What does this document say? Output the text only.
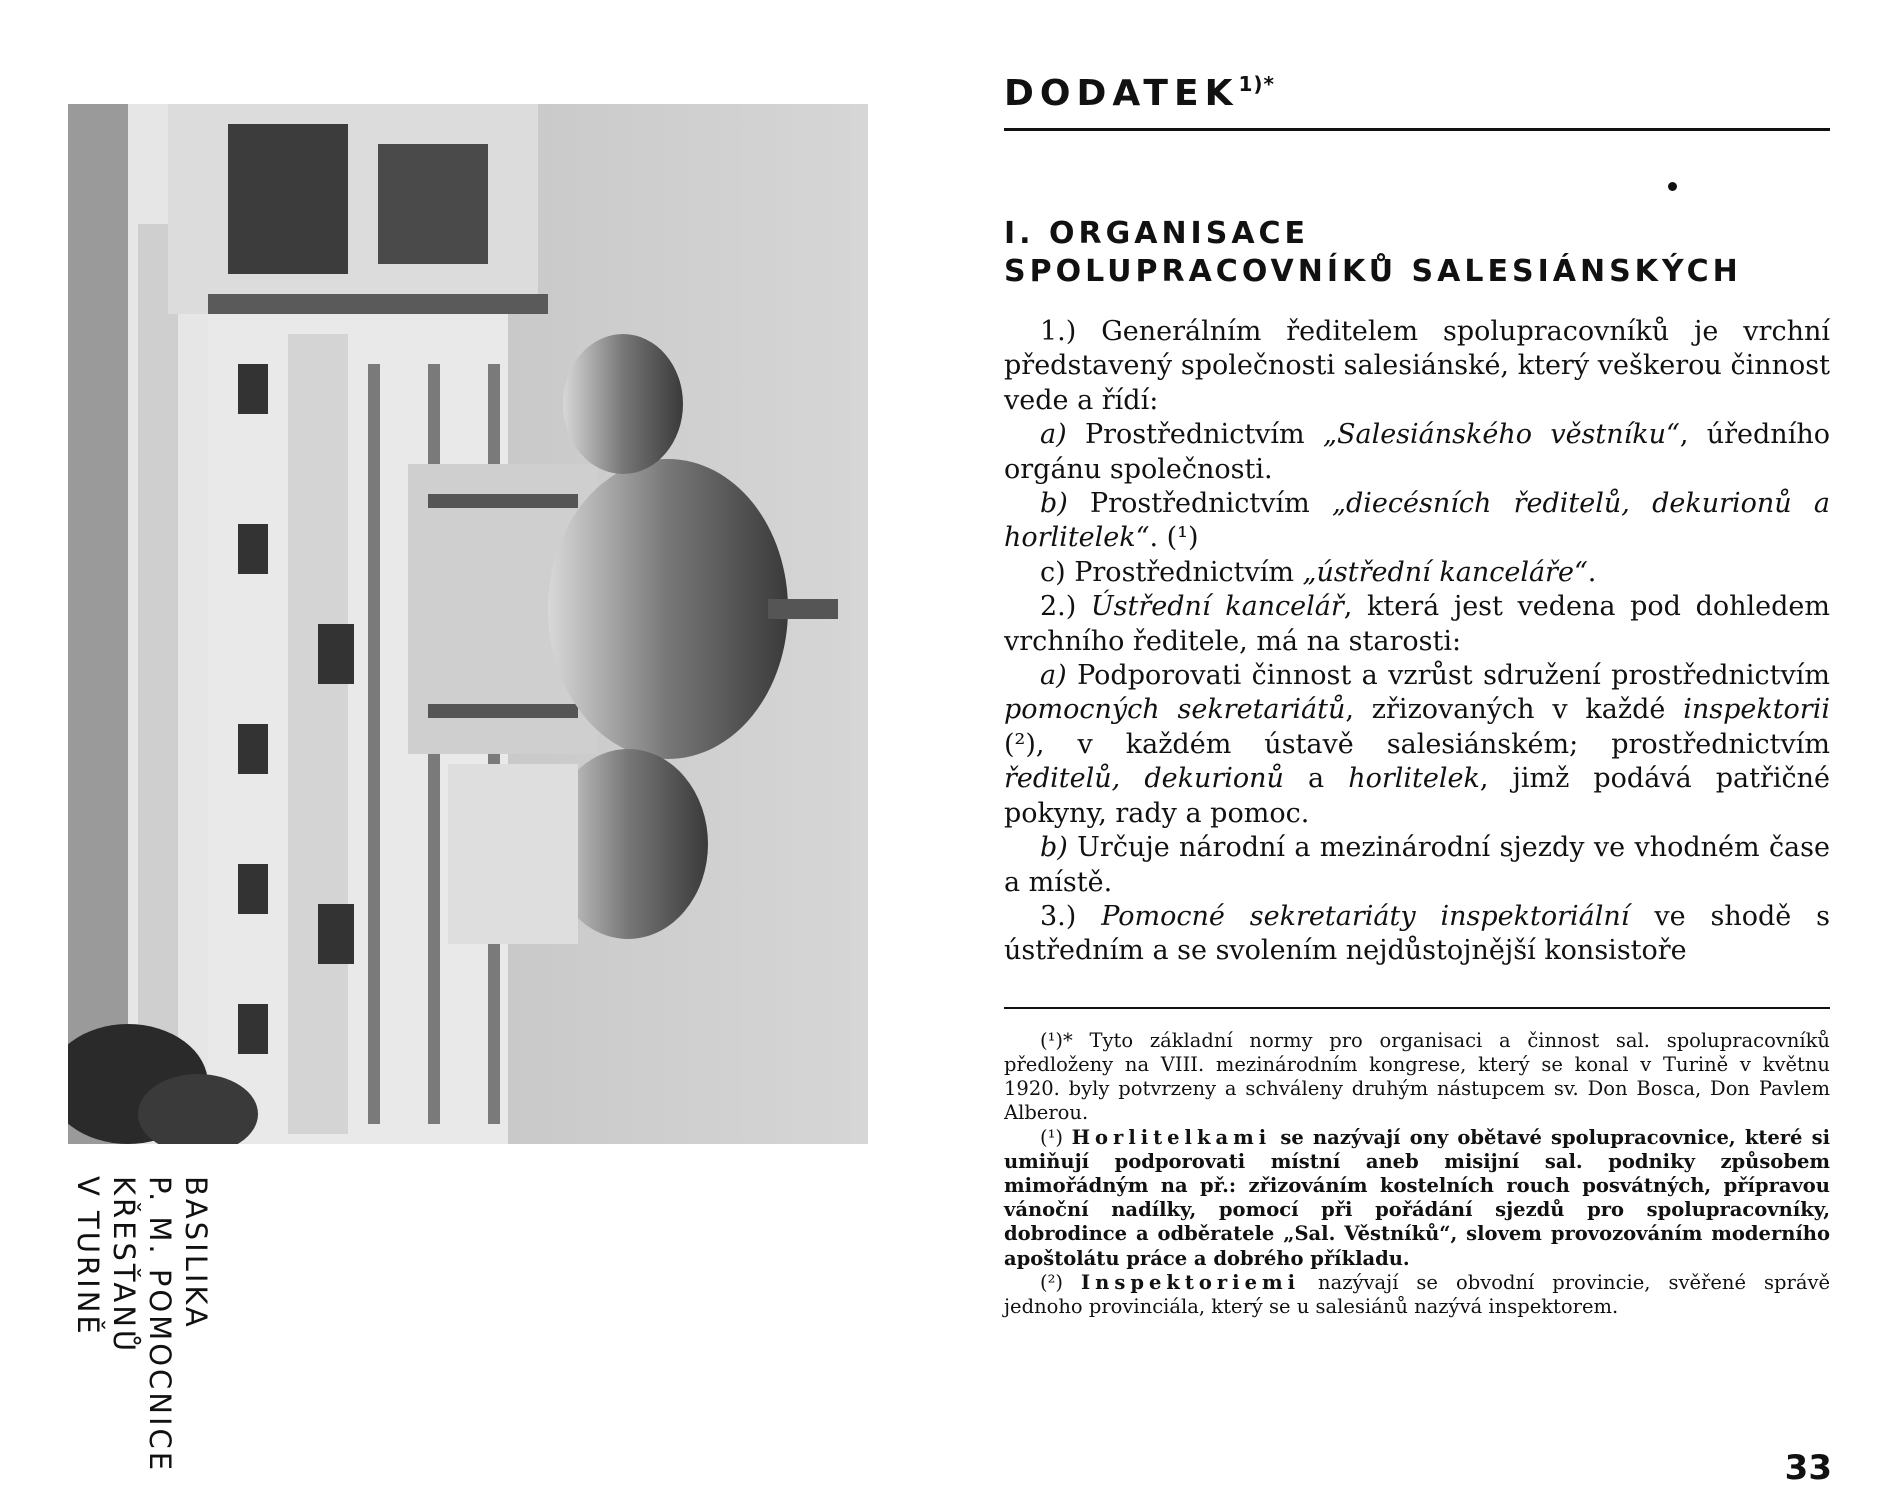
BASILIKA
P. M. POMOCNICE
KŘESŤANŮ
V TURINĚ
$DODATEK^{1)*}$
I. ORGANISACE
SPOLUPRACOVNÍKŮ SALESIÁNSKÝCH

1.) Generálním ředitelem spolupracovníků je vrchní představený společnosti salesiánské, který veškerou činnost vede a řídí:

a) Prostřednictvím „Salesiánského věstníku“, úředního orgánu společnosti.

b) Prostřednictvím „diecésních ředitelů, dekurionů a horlitelek“. (¹)

c) Prostřednictvím „ústřední kanceláře“.

2.) Ústřední kancelář, která jest vedena pod dohledem vrchního ředitele, má na starosti:

a) Podporovati činnost a vzrůst sdružení prostřednictvím pomocných sekretariátů, zřizovaných v každé inspektorii (²), v každém ústavě salesiánském; prostřednictvím ředitelů, dekurionů a horlitelek, jimž podává patřičné pokyny, rady a pomoc.

b) Určuje národní a mezinárodní sjezdy ve vhodném čase a místě.

3.) Pomocné sekretariáty inspektoriální ve shodě s ústředním a se svolením nejdůstojnější konsistoře

(¹)* Tyto základní normy pro organisaci a činnost sal. spolupracovníků předloženy na VIII. mezinárodním kongrese, který se konal v Turině v květnu 1920. byly potvrzeny a schváleny druhým nástupcem sv. Don Bosca, Don Pavlem Alberou.

(¹) Horlitelkami se nazývají ony obětavé spolupracovnice, které si umiňují podporovati místní aneb misijní sal. podniky způsobem mimořádným na př.: zřizováním kostelních rouch posvátných, přípravou vánoční nadílky, pomocí při pořádání sjezdů pro spolupracovníky, dobrodince a odběratele „Sal. Věstníků“, slovem provozováním moderního apoštolátu práce a dobrého příkladu.

(²) Inspektoriemi nazývají se obvodní provincie, svěřené správě jednoho provinciála, který se u salesiánů nazývá inspektorem.

33
